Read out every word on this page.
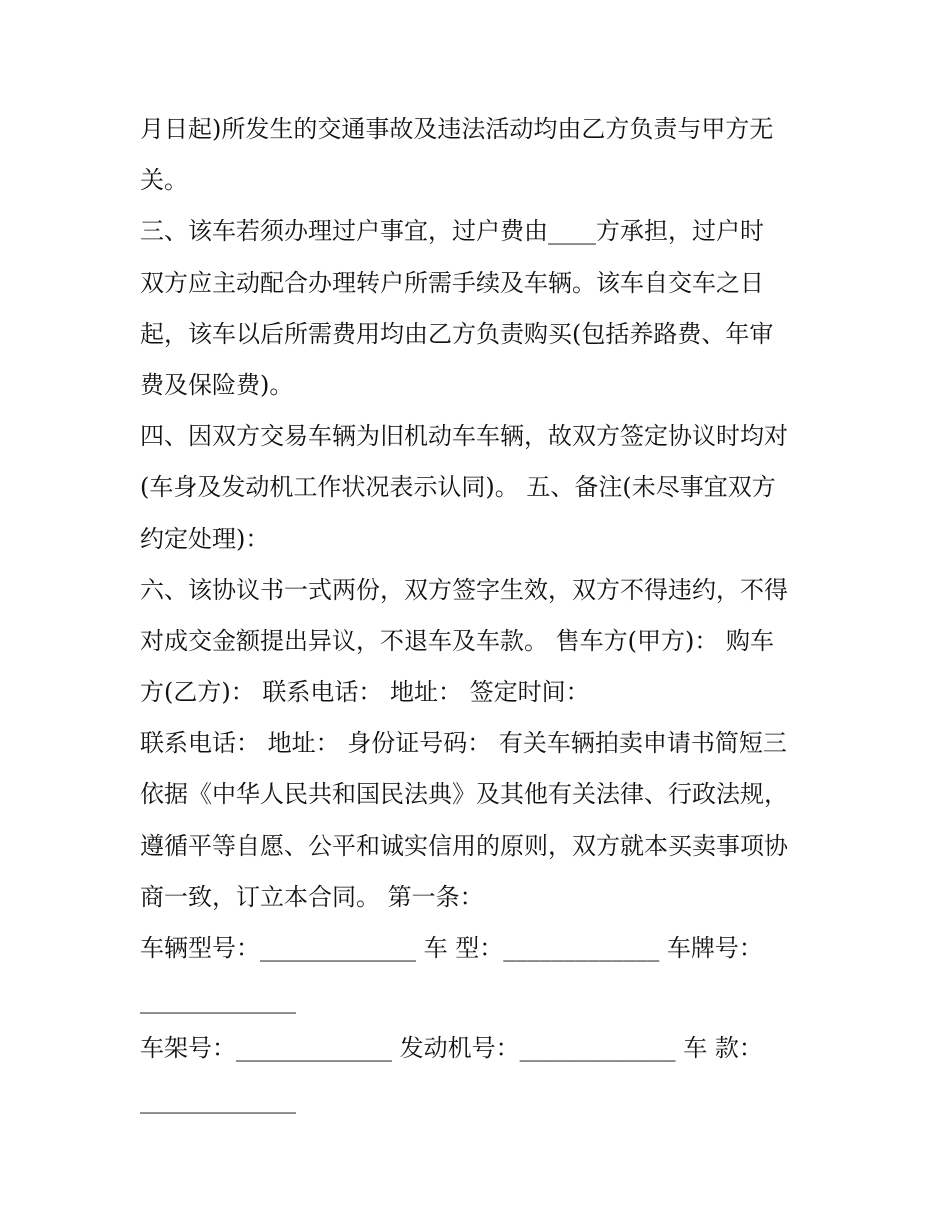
月日起)所发生的交通事故及违法活动均由乙方负责与甲方无
关。
三、该车若须办理过户事宜，过户费由____方承担，过户时
双方应主动配合办理转户所需手续及车辆。该车自交车之日
起，该车以后所需费用均由乙方负责购买(包括养路费、年审
费及保险费)。
四、因双方交易车辆为旧机动车车辆，故双方签定协议时均对
(车身及发动机工作状况表示认同)。 五、备注(未尽事宜双方
约定处理)：
六、该协议书一式两份，双方签字生效，双方不得违约，不得
对成交金额提出异议，不退车及车款。 售车方(甲方)： 购车
方(乙方)： 联系电话： 地址： 签定时间：
联系电话： 地址： 身份证号码： 有关车辆拍卖申请书简短三
依据《中华人民共和国民法典》及其他有关法律、行政法规，
遵循平等自愿、公平和诚实信用的原则，双方就本买卖事项协
商一致，订立本合同。 第一条：
车辆型号：_____________ 车 型：_____________ 车牌号：
_____________
车架号：_____________ 发动机号：_____________ 车 款：
_____________
